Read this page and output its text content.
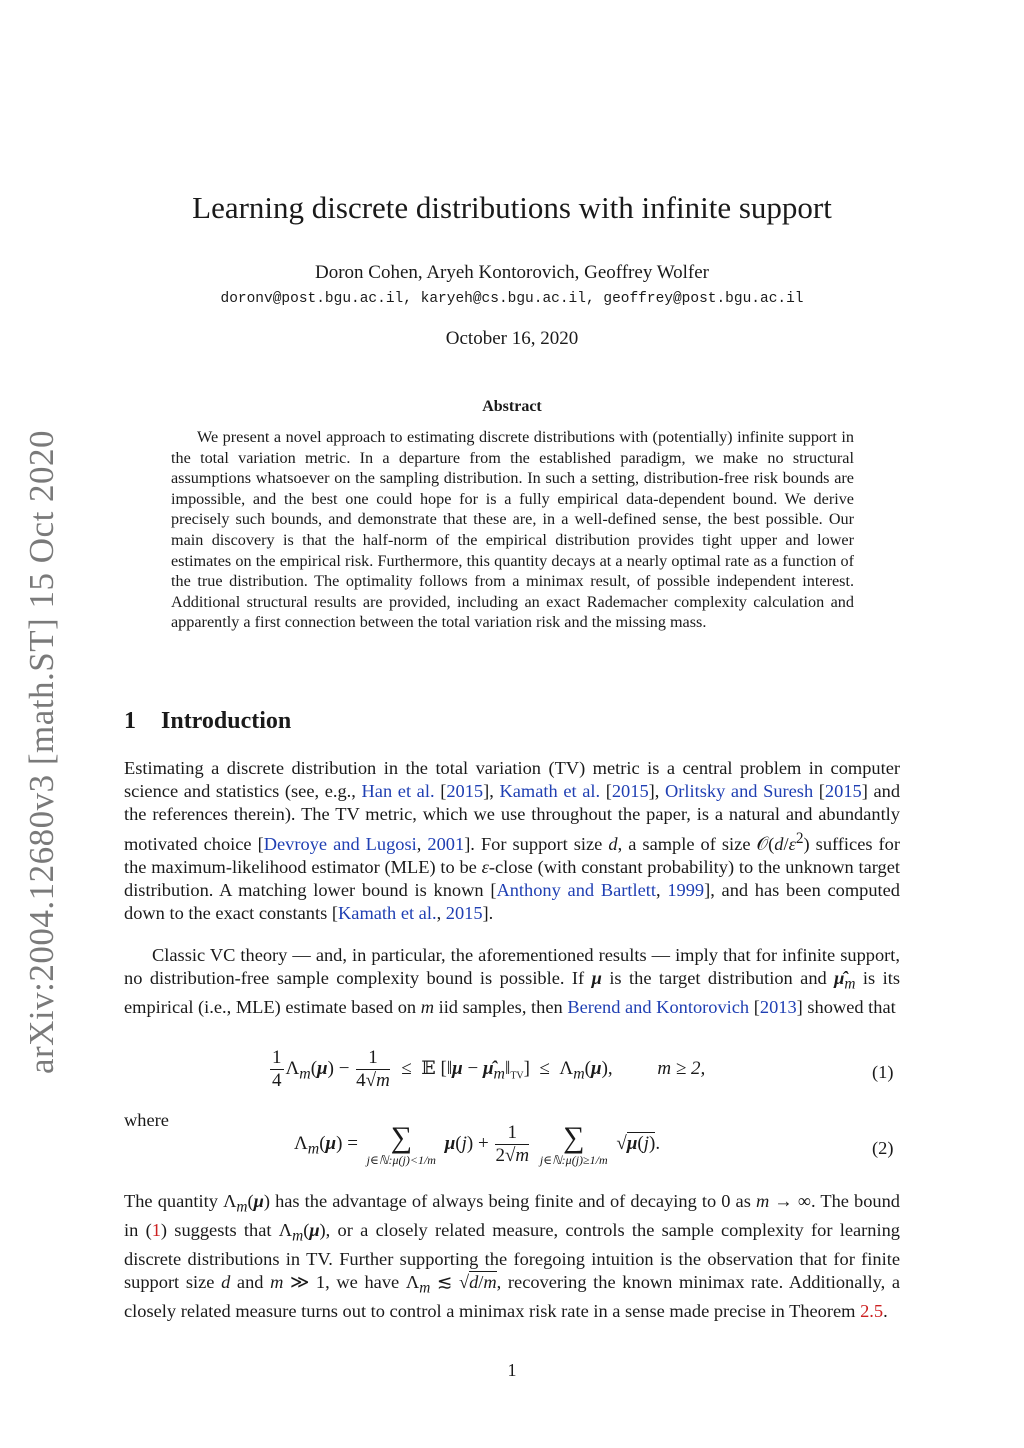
arXiv:2004.12680v3 [math.ST] 15 Oct 2020
Learning discrete distributions with infinite support
Doron Cohen, Aryeh Kontorovich, Geoffrey Wolfer
doronv@post.bgu.ac.il, karyeh@cs.bgu.ac.il, geoffrey@post.bgu.ac.il
October 16, 2020
Abstract
We present a novel approach to estimating discrete distributions with (potentially) infinite support in the total variation metric. In a departure from the established paradigm, we make no structural assumptions whatsoever on the sampling distribution. In such a setting, distribution-free risk bounds are impossible, and the best one could hope for is a fully empirical data-dependent bound. We derive precisely such bounds, and demonstrate that these are, in a well-defined sense, the best possible. Our main discovery is that the half-norm of the empirical distribution provides tight upper and lower estimates on the empirical risk. Furthermore, this quantity decays at a nearly optimal rate as a function of the true distribution. The optimality follows from a minimax result, of possible independent interest. Additional structural results are provided, including an exact Rademacher complexity calculation and apparently a first connection between the total variation risk and the missing mass.
1 Introduction
Estimating a discrete distribution in the total variation (TV) metric is a central problem in computer science and statistics (see, e.g., Han et al. [2015], Kamath et al. [2015], Orlitsky and Suresh [2015] and the references therein). The TV metric, which we use throughout the paper, is a natural and abundantly motivated choice [Devroye and Lugosi, 2001]. For support size d, a sample of size $𝒪(d/\varepsilon^2)$ suffices for the maximum-likelihood estimator (MLE) to be ε-close (with constant probability) to the unknown target distribution. A matching lower bound is known [Anthony and Bartlett, 1999], and has been computed down to the exact constants [Kamath et al., 2015].
Classic VC theory — and, in particular, the aforementioned results — imply that for infinite support, no distribution-free sample complexity bound is possible. If μ is the target distribution and $\mû_m$ is its empirical (i.e., MLE) estimate based on m iid samples, then Berend and Kontorovich [2013] showed that
$\frac{1}{4} \Lambda_m(\mu) - \frac{1}{4√m}$ ≤  𝔼 [‖μ − $\mû_m‖_{TV}] \le \Lambda_m(\mu)$, m ≥ 2,	(1)
where
$\Lambda_m(\mu)$ = ∑
j∈ℕ:μ(j)<1/m
$\mu(j) + \frac{1}{2√m}$
	∑
j∈ℕ:μ(j)≥1/m
√μ(j).	(2)
The quantity $\Lambda_m(\mu)$ has the advantage of always being finite and of decaying to 0 as m → ∞. The bound in (1) suggests that $\Lambda_m(\mu)$, or a closely related measure, controls the sample complexity for learning discrete distributions in TV. Further supporting the foregoing intuition is the observation that for finite support size d and m ≫ 1, we have $\Lambda_m$ ≲ √d/m, recovering the known minimax rate. Additionally, a closely related measure turns out to control a minimax risk rate in a sense made precise in Theorem 2.5.
1
